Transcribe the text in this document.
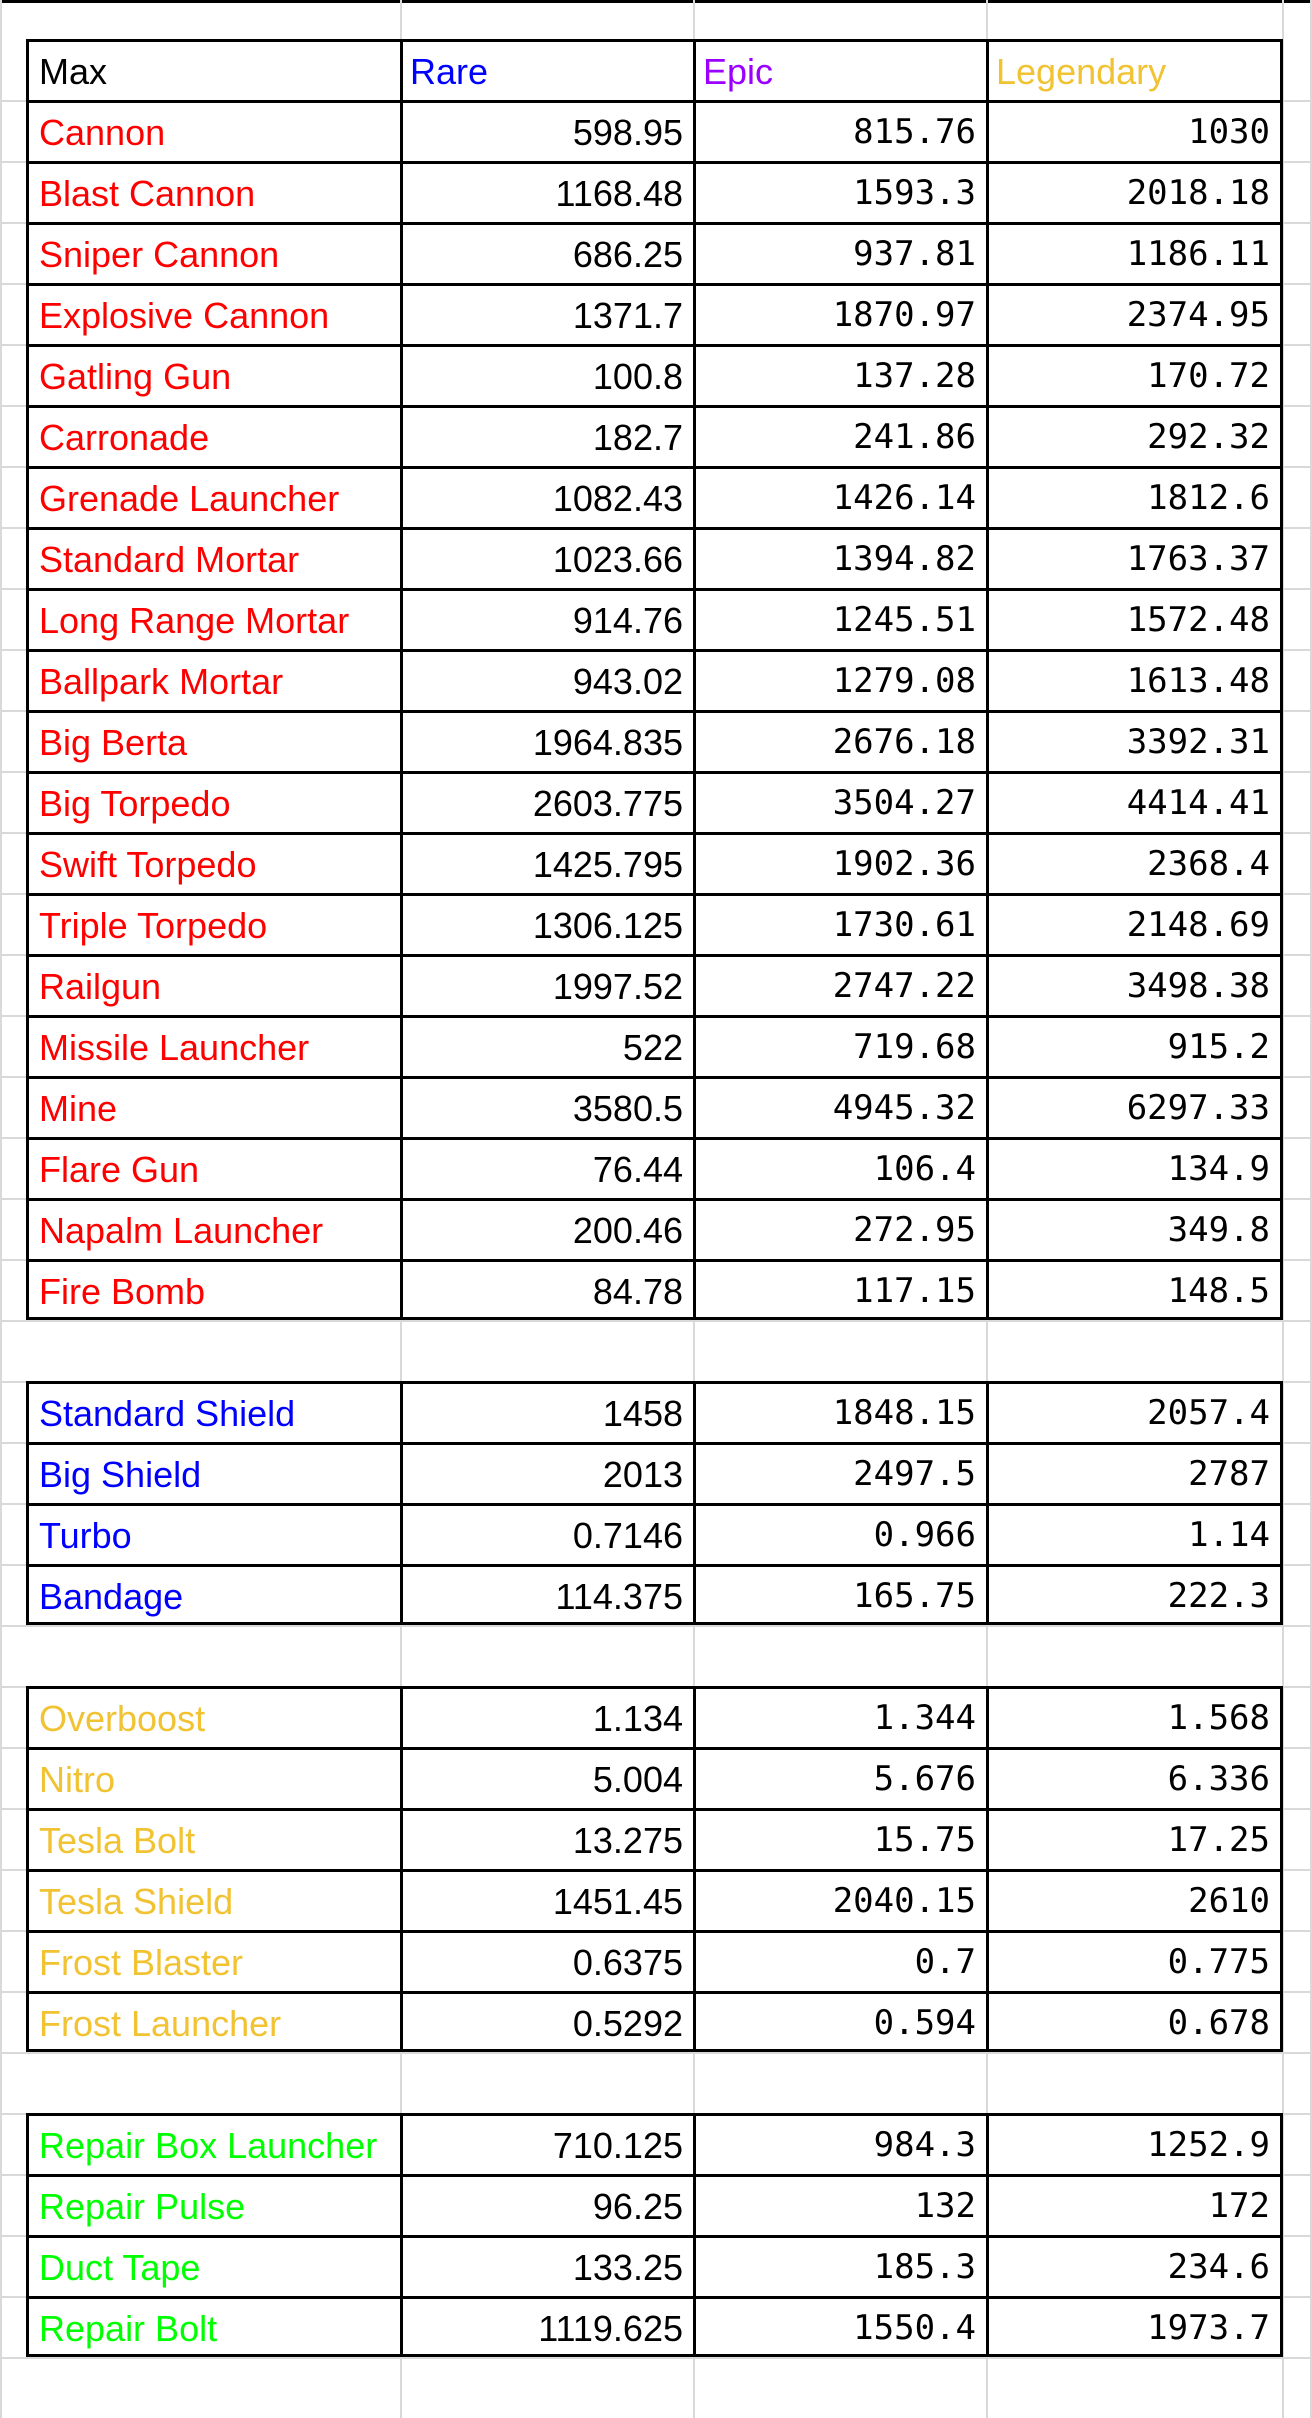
Max	Rare	Epic	Legendary
Cannon	598.95	815.76	1030
Blast Cannon	1168.48	1593.3	2018.18
Sniper Cannon	686.25	937.81	1186.11
Explosive Cannon	1371.7	1870.97	2374.95
Gatling Gun	100.8	137.28	170.72
Carronade	182.7	241.86	292.32
Grenade Launcher	1082.43	1426.14	1812.6
Standard Mortar	1023.66	1394.82	1763.37
Long Range Mortar	914.76	1245.51	1572.48
Ballpark Mortar	943.02	1279.08	1613.48
Big Berta	1964.835	2676.18	3392.31
Big Torpedo	2603.775	3504.27	4414.41
Swift Torpedo	1425.795	1902.36	2368.4
Triple Torpedo	1306.125	1730.61	2148.69
Railgun	1997.52	2747.22	3498.38
Missile Launcher	522	719.68	915.2
Mine	3580.5	4945.32	6297.33
Flare Gun	76.44	106.4	134.9
Napalm Launcher	200.46	272.95	349.8
Fire Bomb	84.78	117.15	148.5
Standard Shield	1458	1848.15	2057.4
Big Shield	2013	2497.5	2787
Turbo	0.7146	0.966	1.14
Bandage	114.375	165.75	222.3
Overboost	1.134	1.344	1.568
Nitro	5.004	5.676	6.336
Tesla Bolt	13.275	15.75	17.25
Tesla Shield	1451.45	2040.15	2610
Frost Blaster	0.6375	0.7	0.775
Frost Launcher	0.5292	0.594	0.678
Repair Box Launcher	710.125	984.3	1252.9
Repair Pulse	96.25	132	172
Duct Tape	133.25	185.3	234.6
Repair Bolt	1119.625	1550.4	1973.7
